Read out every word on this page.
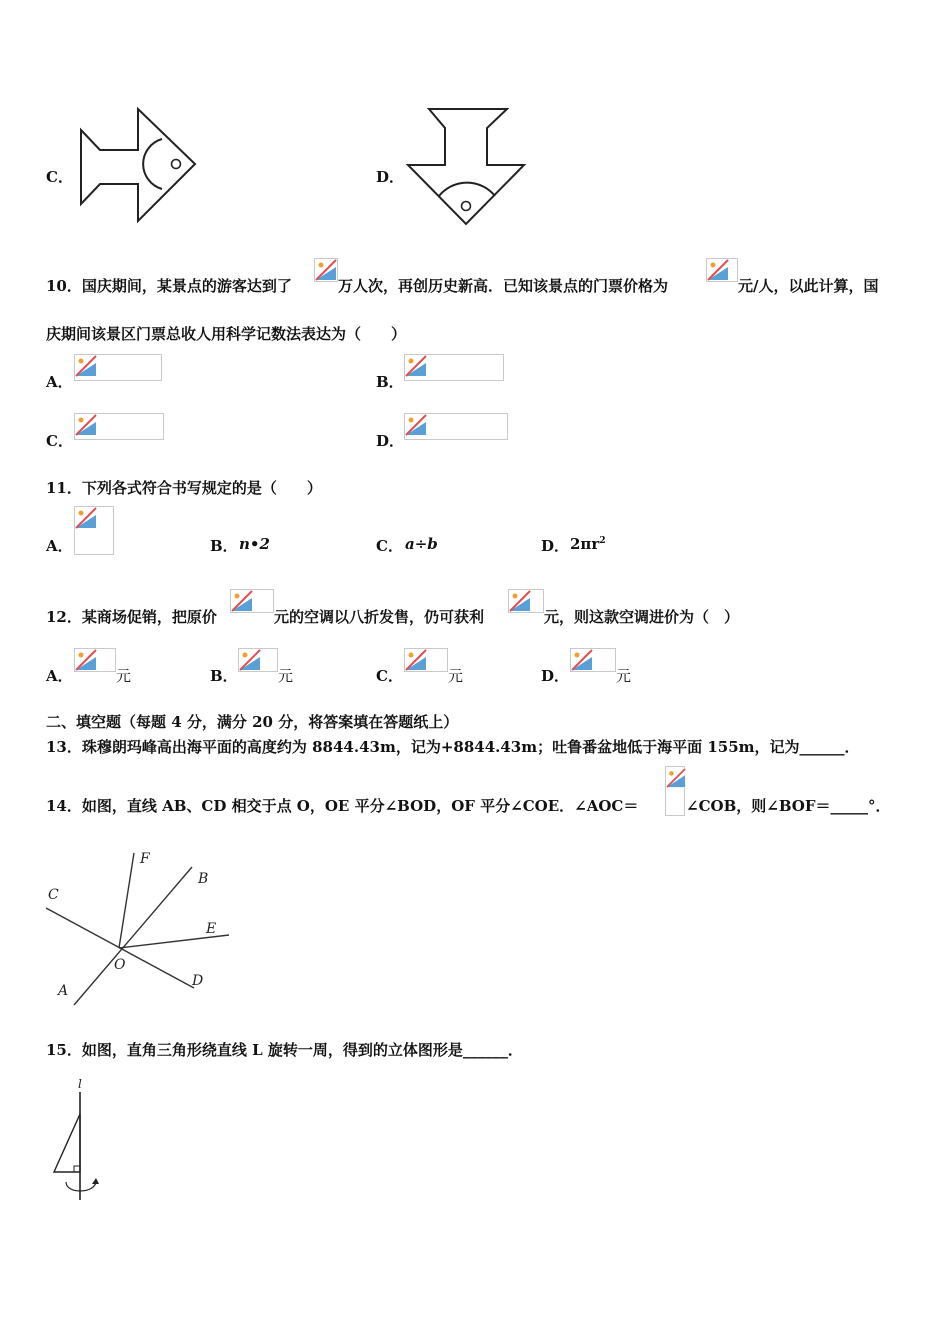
C．	D．
10．国庆期间，某景点的游客达到了	万人次，再创历史新高．已知该景点的门票价格为	元/人，以此计算，国
庆期间该景区门票总收人用科学记数法表达为（　　）
A．	B．
C．	D．
11．下列各式符合书写规定的是（　　）
A．	B． n•2	C． a÷b	D． $2\pi r^2$
12．某商场促销，把原价	元的空调以八折发售，仍可获利	元，则这款空调进价为（　）
A．	元	B．	元	C．	元	D．	元
二、填空题（每题 4 分，满分 20 分，将答案填在答题纸上）
13．珠穆朗玛峰高出海平面的高度约为 8844.43m，记为+8844.43m；吐鲁番盆地低于海平面 155m，记为______．
14．如图，直线 AB、CD 相交于点 O，OE 平分∠BOD，OF 平分∠COE．∠AOC＝	∠COB，则∠BOF＝_____°．
F
B
C
E
O
D
A
15．如图，直角三角形绕直线 L 旋转一周，得到的立体图形是______．
l
